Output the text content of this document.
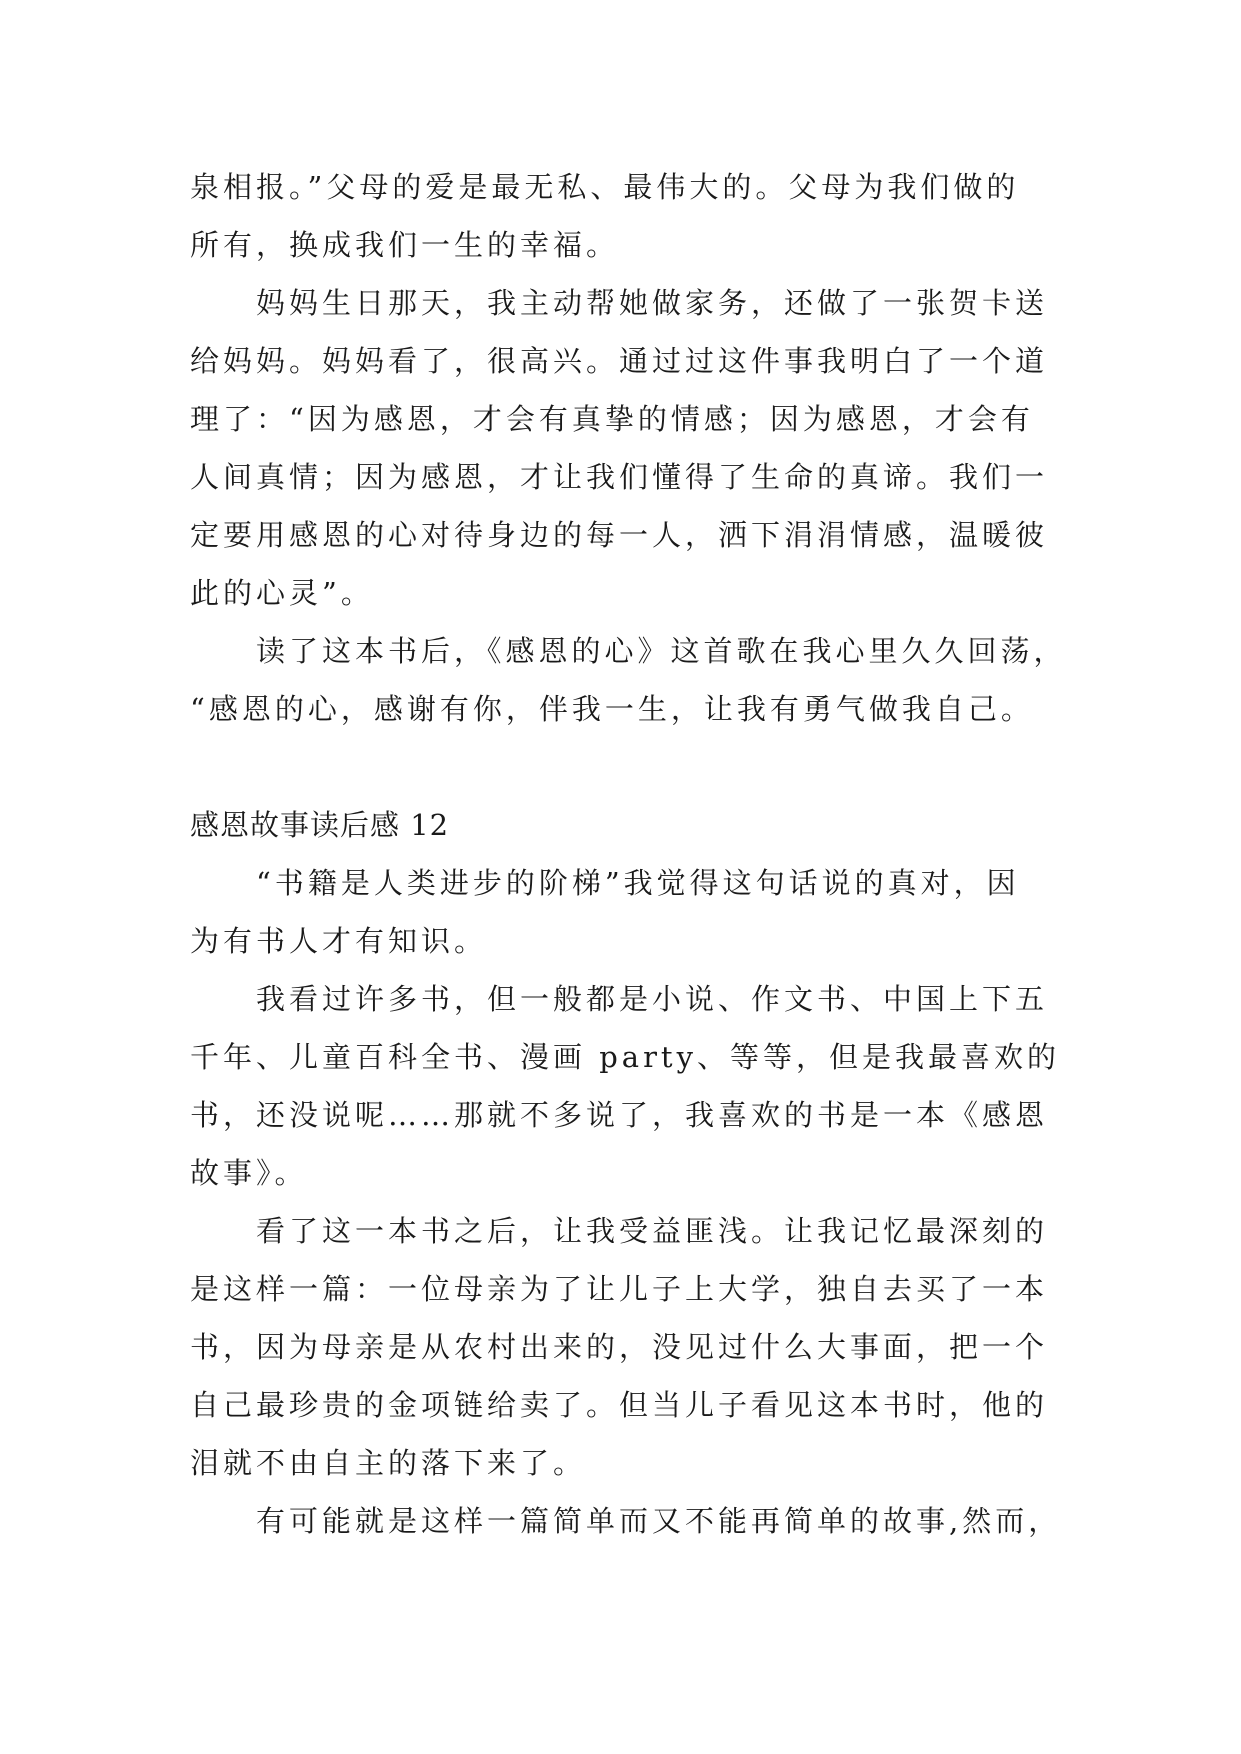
泉相报。”父母的爱是最无私、最伟大的。父母为我们做的
所有，换成我们一生的幸福。
妈妈生日那天，我主动帮她做家务，还做了一张贺卡送
给妈妈。妈妈看了，很高兴。通过过这件事我明白了一个道
理了：“因为感恩，才会有真挚的情感；因为感恩，才会有
人间真情；因为感恩，才让我们懂得了生命的真谛。我们一
定要用感恩的心对待身边的每一人，洒下涓涓情感，温暖彼
此的心灵”。
读了这本书后，《感恩的心》这首歌在我心里久久回荡，
“感恩的心，感谢有你，伴我一生，让我有勇气做我自己。
感恩故事读后感 12
“书籍是人类进步的阶梯”我觉得这句话说的真对，因
为有书人才有知识。
我看过许多书，但一般都是小说、作文书、中国上下五
千年、儿童百科全书、漫画 party、等等，但是我最喜欢的
书，还没说呢……那就不多说了，我喜欢的书是一本《感恩
故事》。
看了这一本书之后，让我受益匪浅。让我记忆最深刻的
是这样一篇：一位母亲为了让儿子上大学，独自去买了一本
书，因为母亲是从农村出来的，没见过什么大事面，把一个
自己最珍贵的金项链给卖了。但当儿子看见这本书时，他的
泪就不由自主的落下来了。
有可能就是这样一篇简单而又不能再简单的故事,然而，
